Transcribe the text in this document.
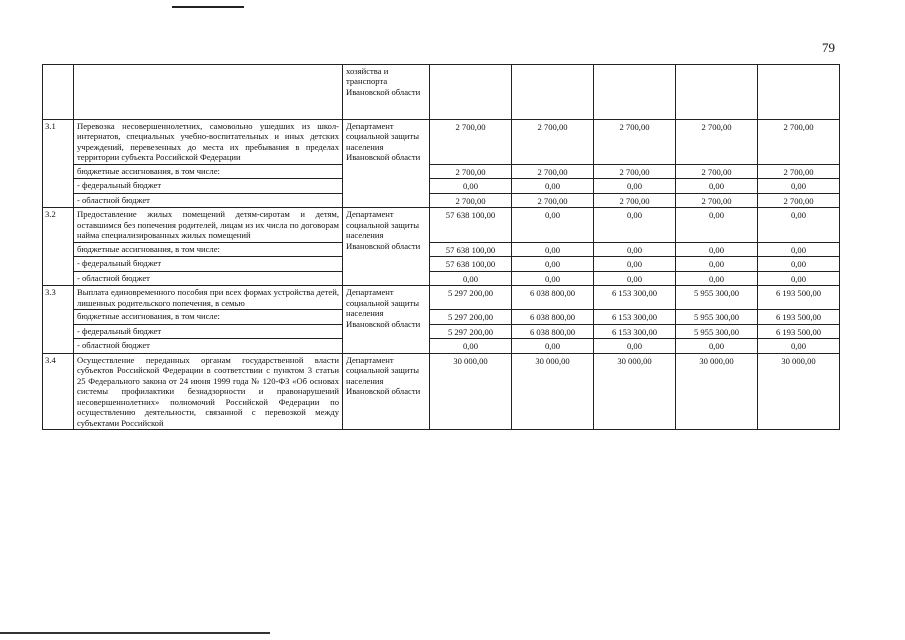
79
		хозяйства и транспорта Ивановской области					
3.1	Перевозка несовершеннолетних, самовольно ушедших из школ-интернатов, специальных учебно-воспитательных и иных детских учреждений, перевезенных до места их пребывания в пределах территории субъекта Российской Федерации	Департамент социальной защиты населения Ивановской области	2 700,00	2 700,00	2 700,00	2 700,00	2 700,00
	бюджетные ассигнования, в том числе:		2 700,00	2 700,00	2 700,00	2 700,00	2 700,00
	- федеральный бюджет		0,00	0,00	0,00	0,00	0,00
	- областной бюджет		2 700,00	2 700,00	2 700,00	2 700,00	2 700,00
3.2	Предоставление жилых помещений детям-сиротам и детям, оставшимся без попечения родителей, лицам из их числа по договорам найма специализированных жилых помещений	Департамент социальной защиты населения Ивановской области	57 638 100,00	0,00	0,00	0,00	0,00
	бюджетные ассигнования, в том числе:		57 638 100,00	0,00	0,00	0,00	0,00
	- федеральный бюджет		57 638 100,00	0,00	0,00	0,00	0,00
	- областной бюджет		0,00	0,00	0,00	0,00	0,00
3.3	Выплата единовременного пособия при всех формах устройства детей, лишенных родительского попечения, в семью	Департамент социальной защиты населения Ивановской области	5 297 200,00	6 038 800,00	6 153 300,00	5 955 300,00	6 193 500,00
	бюджетные ассигнования, в том числе:		5 297 200,00	6 038 800,00	6 153 300,00	5 955 300,00	6 193 500,00
	- федеральный бюджет		5 297 200,00	6 038 800,00	6 153 300,00	5 955 300,00	6 193 500,00
	- областной бюджет		0,00	0,00	0,00	0,00	0,00
3.4	Осуществление переданных органам государственной власти субъектов Российской Федерации в соответствии с пунктом 3 статьи 25 Федерального закона от 24 июня 1999 года № 120-ФЗ «Об основах системы профилактики безнадзорности и правонарушений несовершеннолетних» полномочий Российской Федерации по осуществлению деятельности, связанной с перевозкой между субъектами Российской	Департамент социальной защиты населения Ивановской области	30 000,00	30 000,00	30 000,00	30 000,00	30 000,00
